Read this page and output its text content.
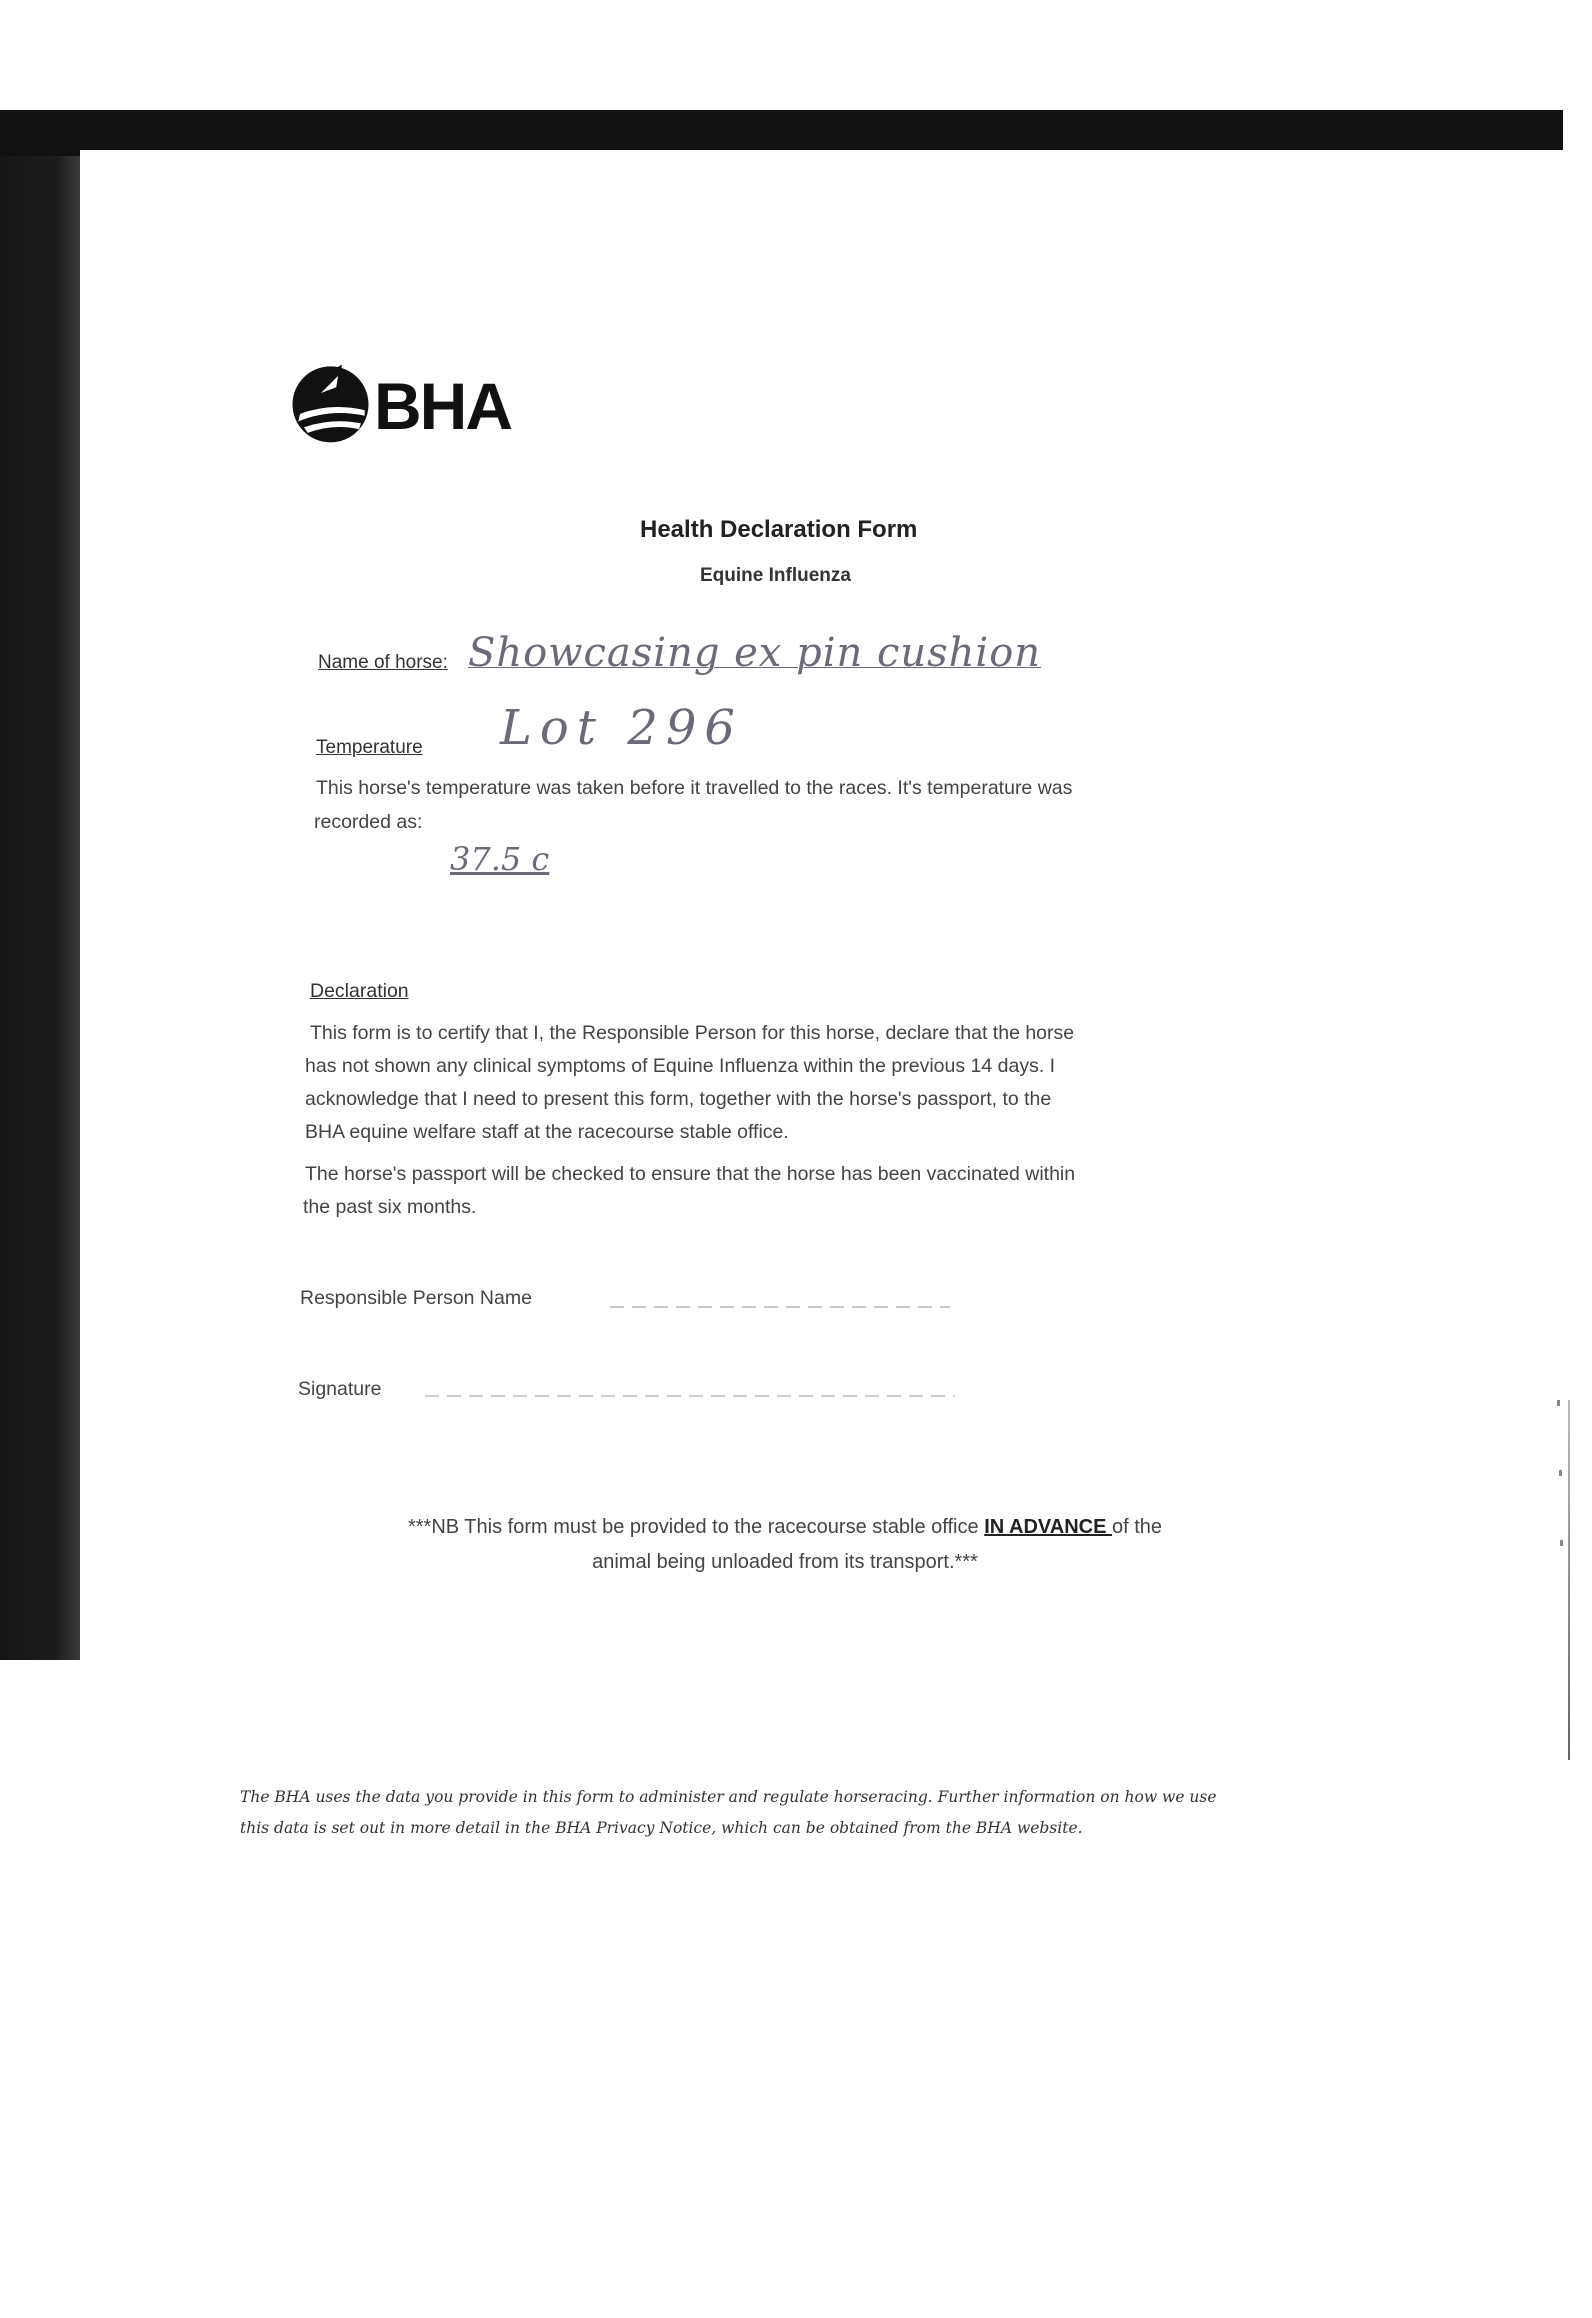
BHA
Health Declaration Form
Equine Influenza
Name of horse: Showcasing ex pin cushion
Temperature Lot 296
This horse's temperature was taken before it travelled to the races. It's temperature was
recorded as:
37.5 c
Declaration
This form is to certify that I, the Responsible Person for this horse, declare that the horse
has not shown any clinical symptoms of Equine Influenza within the previous 14 days. I
acknowledge that I need to present this form, together with the horse's passport, to the
BHA equine welfare staff at the racecourse stable office.
The horse's passport will be checked to ensure that the horse has been vaccinated within
the past six months.
Responsible Person Name
Signature
***NB This form must be provided to the racecourse stable office IN ADVANCE of the
animal being unloaded from its transport.***
The BHA uses the data you provide in this form to administer and regulate horseracing. Further information on how we use
this data is set out in more detail in the BHA Privacy Notice, which can be obtained from the BHA website.
